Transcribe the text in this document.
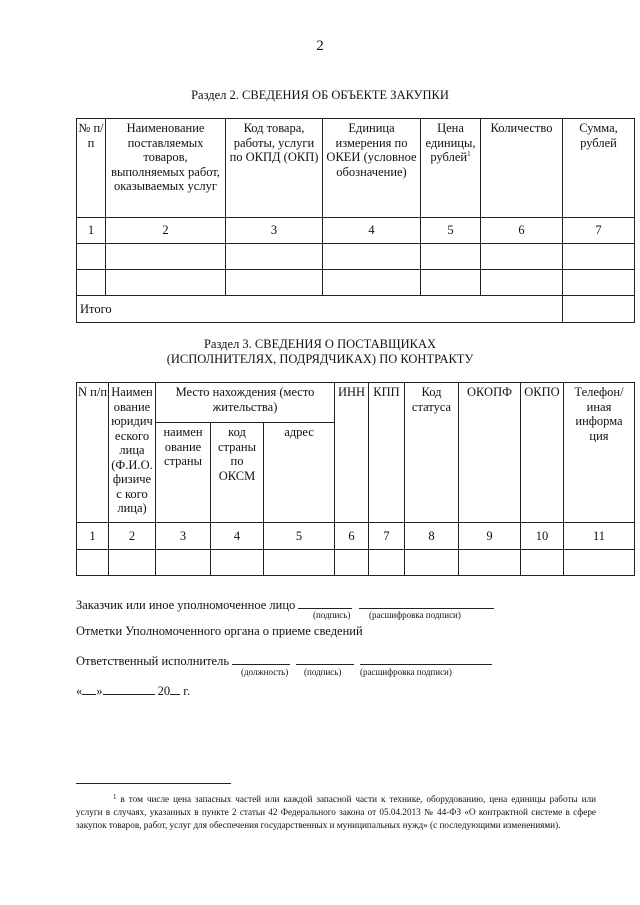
2
Раздел 2. СВЕДЕНИЯ ОБ ОБЪЕКТЕ ЗАКУПКИ
№ п/п	Наименование поставляемых товаров, выполняемых работ, оказываемых услуг	Код товара, работы, услуги по ОКПД (ОКП)	Единица измерения по ОКЕИ (условное обозначение)	Цена единицы, рублей$^1$	Количество	Сумма, рублей
1	2	3	4	5	6	7

Итого						
Раздел 3. СВЕДЕНИЯ О ПОСТАВЩИКАХ
(ИСПОЛНИТЕЛЯХ, ПОДРЯДЧИКАХ) ПО КОНТРАКТУ
N п/п	Наимен ование юридич еского лица (Ф.И.О. физичес кого лица)	Место нахождения (место жительства)			ИНН	КПП	Код статуса	ОКОПФ	ОКПО	Телефон/ иная информа ция
		наимен ование страны	код страны по ОКСМ	адрес						
1	2	3	4	5	6	7	8	9	10	11

Заказчик или иное уполномоченное лицо
(подпись) (расшифровка подписи)
Отметки Уполномоченного органа о приеме сведений
Ответственный исполнитель
(должность) (подпись) (расшифровка подписи)
« »	20 г.
$^1$ в том числе цена запасных частей или каждой запасной части к технике, оборудованию, цена единицы работы или услуги в случаях, указанных в пункте 2 статьи 42 Федерального закона от 05.04.2013 № 44-ФЗ «О контрактной системе в сфере закупок товаров, работ, услуг для обеспечения государственных и муниципальных нужд» (с последующими изменениями).
